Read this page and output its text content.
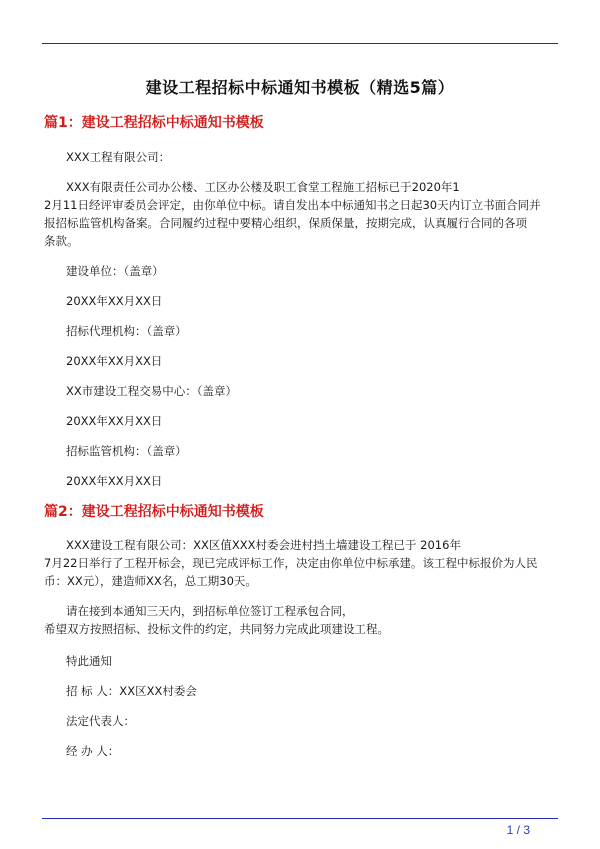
建设工程招标中标通知书模板（精选5篇）
篇1：建设工程招标中标通知书模板
XXX工程有限公司：
XXX有限责任公司办公楼、工区办公楼及职工食堂工程施工招标已于2020年1
2月11日经评审委员会评定，由你单位中标。请自发出本中标通知书之日起30天内订立书面合同并
报招标监管机构备案。合同履约过程中要精心组织，保质保量，按期完成，认真履行合同的各项
条款。
建设单位：（盖章）
20XX年XX月XX日
招标代理机构：（盖章）
20XX年XX月XX日
XX市建设工程交易中心：（盖章）
20XX年XX月XX日
招标监管机构：（盖章）
20XX年XX月XX日
篇2：建设工程招标中标通知书模板
XXX建设工程有限公司：XX区值XXX村委会进村挡土墙建设工程已于 2016年
7月22日举行了工程开标会，现已完成评标工作，决定由你单位中标承建。该工程中标报价为人民
币：XX元），建造师XX名，总工期30天。
请在接到本通知三天内，到招标单位签订工程承包合同，
希望双方按照招标、投标文件的约定，共同努力完成此项建设工程。
特此通知
招 标 人：XX区XX村委会
法定代表人：
经 办 人：
1 / 3
